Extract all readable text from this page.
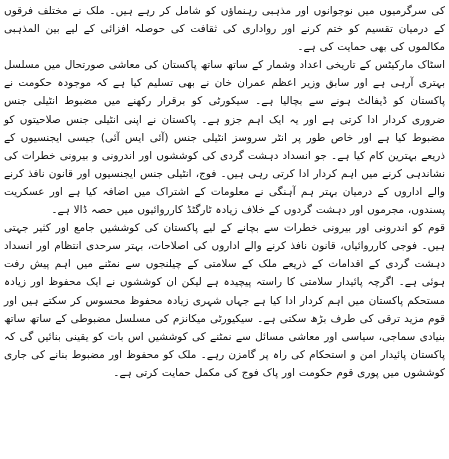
کی سرگرمیوں میں نوجوانوں اور مذہبی رہنماؤں کو شامل کر رہے ہیں۔ ملک نے مختلف فرقوں کے درمیان تقسیم کو ختم کرنے اور رواداری کی ثقافت کی حوصلہ افزائی کے لیے بین المذہبی مکالموں کی بھی حمایت کی ہے۔

اسٹاک مارکیٹس کے تاریخی اعداد وشمار کے ساتھ ساتھ پاکستان کی معاشی صورتحال میں مسلسل بہتری آرہی ہے اور سابق وزیر اعظم عمران خان نے بھی تسلیم کیا ہے کہ موجودہ حکومت نے پاکستان کو ڈیفالٹ ہونے سے بچالیا ہے۔ سیکورٹی کو برقرار رکھنے میں مضبوط انٹیلی جنس ضروری کردار ادا کرتی ہے اور یہ ایک اہم جزو ہے۔ پاکستان نے اپنی انٹیلی جنس صلاحیتوں کو مضبوط کیا ہے اور خاص طور پر انٹر سروسز انٹیلی جنس (آئی ایس آئی) جیسی ایجنسیوں کے ذریعے بہترین کام کیا ہے۔ جو انسداد دہشت گردی کی کوششوں اور اندرونی و بیرونی خطرات کی نشاندہی کرنے میں اہم کردار ادا کرتی رہی ہیں۔ فوج، انٹیلی جنس ایجنسیوں اور قانون نافذ کرنے والے اداروں کے درمیان بہتر ہم آہنگی نے معلومات کے اشتراک میں اضافہ کیا ہے اور عسکریت پسندوں، مجرموں اور دہشت گردوں کے خلاف زیادہ ٹارگٹڈ کارروائیوں میں حصہ ڈالا ہے۔

قوم کو اندرونی اور بیرونی خطرات سے بچانے کے لیے پاکستان کی کوششیں جامع اور کثیر جہتی ہیں۔ فوجی کارروائیاں، قانون نافذ کرنے والے اداروں کی اصلاحات، بہتر سرحدی انتظام اور انسداد دہشت گردی کے اقدامات کے ذریعے ملک کے سلامتی کے چیلنجوں سے نمٹنے میں اہم پیش رفت ہوئی ہے۔ اگرچہ پائیدار سلامتی کا راستہ پیچیدہ ہے لیکن ان کوششوں نے ایک محفوظ اور زیادہ مستحکم پاکستان میں اہم کردار ادا کیا ہے جہاں شہری زیادہ محفوظ محسوس کر سکتے ہیں اور قوم مزید ترقی کی طرف بڑھ سکتی ہے۔ سیکیورٹی میکانزم کی مسلسل مضبوطی کے ساتھ ساتھ بنیادی سماجی، سیاسی اور معاشی مسائل سے نمٹنے کی کوششیں اس بات کو یقینی بنائیں گی کہ پاکستان پائیدار امن و استحکام کی راہ پر گامزن رہے۔ ملک کو محفوظ اور مضبوط بنانے کی جاری کوششوں میں پوری قوم حکومت اور پاک فوج کی مکمل حمایت کرتی ہے۔
